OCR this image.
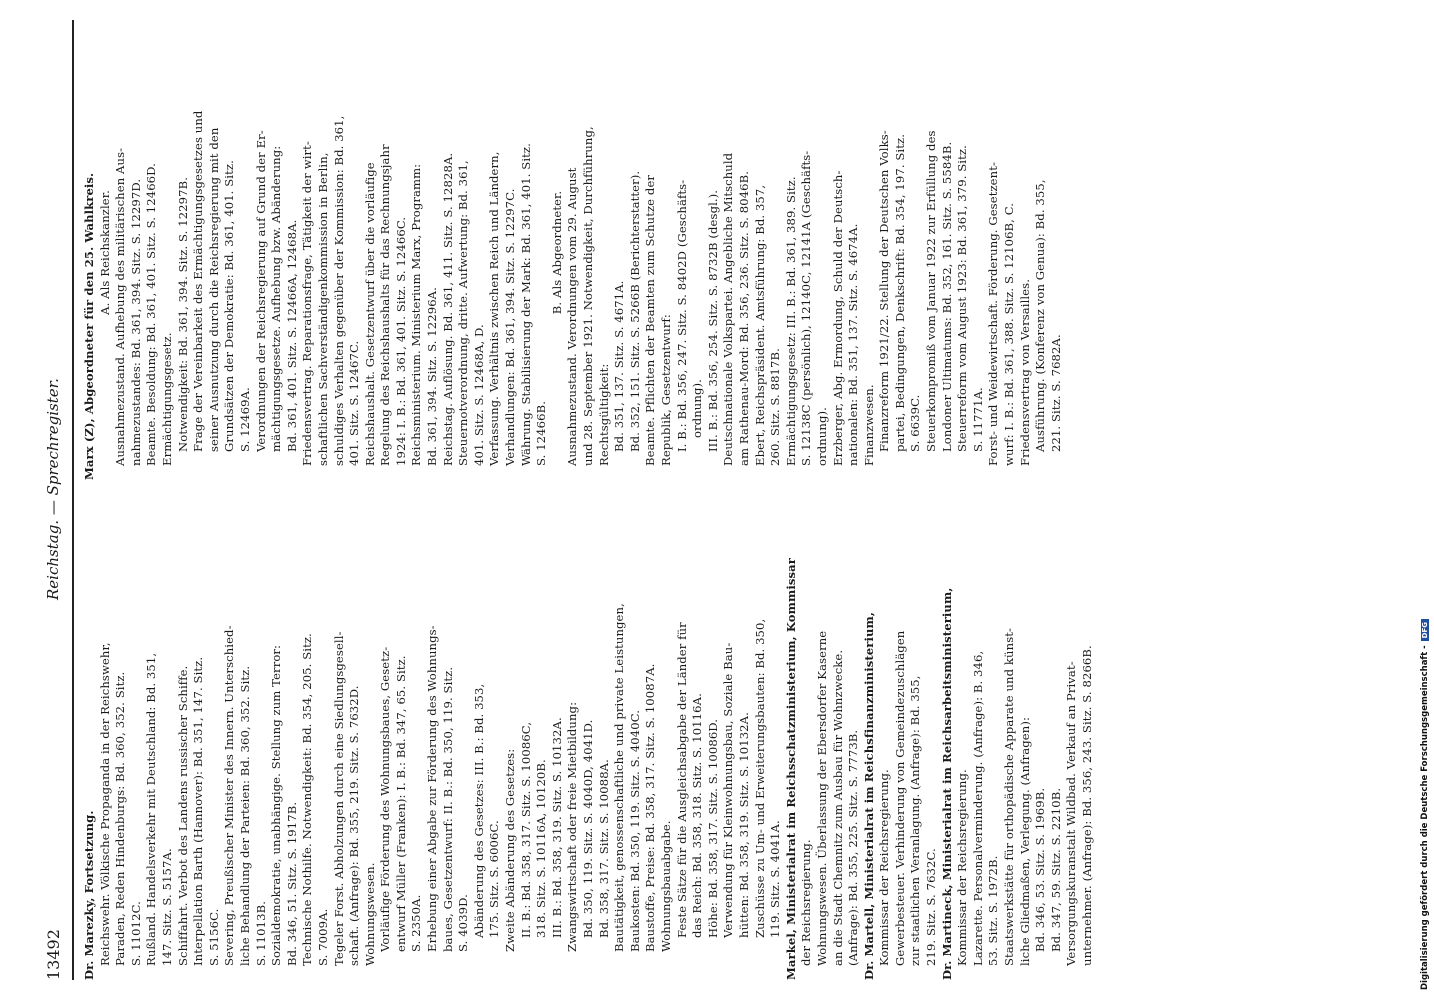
13492
Reichstag. — Sprechregister.
Dr. Marezky, Fortsetzung. Reichswehr. Völkische Propaganda in der Reichswehr, Paraden, Reden Hindenburgs: Bd. 360, 352. Sitz. S. 11012C. Rußland. Handelsverkehr mit Deutschland: Bd. 351, 147. Sitz. S. 5157A. Schiffahrt. Verbot des Landens russischer Schiffe. Interpellation Barth (Hannover): Bd. 351, 147. Sitz. S. 5156C. Severing, Preußischer Minister des Innern. Unterschied- liche Behandlung der Parteien: Bd. 360, 352. Sitz. S. 11013B. Sozialdemokratie, unabhängige. Stellung zum Terror: Bd. 346, 51. Sitz. S. 1917B. Technische Nothilfe. Notwendigkeit: Bd. 354, 205. Sitz. S. 7009A. Tegeler Forst. Abholzungen durch eine Siedlungsgesell- schaft. (Anfrage): Bd. 355, 219. Sitz. S. 7632D. Wohnungswesen. Vorläufige Förderung des Wohnungsbaues, Gesetz- entwurf Müller (Franken): I. B.: Bd. 347, 65. Sitz. S. 2350A. Erhebung einer Abgabe zur Förderung des Wohnungs- baues, Gesetzentwurf: II. B.: Bd. 350, 119. Sitz. S. 4039D. Abänderung des Gesetzes: III. B.: Bd. 353, 175. Sitz. S. 6006C. Zweite Abänderung des Gesetzes: II. B.: Bd. 358, 317. Sitz. S. 10086C, 318. Sitz. S. 10116A, 10120B. III. B.: Bd. 358, 319. Sitz. S. 10132A. Zwangswirtschaft oder freie Mietbildung: Bd. 350, 119. Sitz. S. 4040D, 4041D. Bd. 358, 317. Sitz. S. 10088A. Bautätigkeit, genossenschaftliche und private Leistungen, Baukosten: Bd. 350, 119. Sitz. S. 4040C. Baustoffe, Preise: Bd. 358, 317. Sitz. S. 10087A. Wohnungsbauabgabe. Feste Sätze für die Ausgleichsabgabe der Länder für das Reich: Bd. 358, 318. Sitz. S. 10116A. Höhe: Bd. 358, 317. Sitz. S. 10086D. Verwendung für Kleinwohnungsbau, Soziale Bau- hütten: Bd. 358, 319. Sitz. S. 10132A. Zuschüsse zu Um- und Erweiterungsbauten: Bd. 350, 119. Sitz. S. 4041A. Markel, Ministerialrat im Reichsschatzministerium, Kommissar der Reichsregierung. Wohnungswesen. Überlassung der Ebersdorfer Kaserne an die Stadt Chemnitz zum Ausbau für Wohnzwecke. (Anfrage): Bd. 355, 225. Sitz. S. 7773B. Dr. Martell, Ministerialrat im Reichsfinanzministerium, Kommissar der Reichsregierung. Gewerbesteuer. Verhinderung von Gemeindezuschlägen zur staatlichen Veranlagung. (Anfrage): Bd. 355, 219. Sitz. S. 7632C. Dr. Martineck, Ministerialrat im Reichsarbeitsministerium, Kommissar der Reichsregierung. Lazarette. Personalverminderung. (Anfrage): B. 346, 53. Sitz. S. 1972B. Staatswerkstätte für orthopädische Apparate und künst- liche Gliedmaßen, Verlegung. (Anfragen): Bd. 346, 53. Sitz. S. 1969B. Bd. 347, 59. Sitz. S. 2210B. Versorgungskuranstalt Wildbad. Verkauf an Privat- unternehmer. (Anfrage): Bd. 356, 243. Sitz. S. 8266B.
Marx (Z), Abgeordneter für den 25. Wahlkreis. A. Als Reichskanzler. Ausnahmezustand. Aufhebung des militärischen Aus- nahmezustandes: Bd. 361, 394. Sitz. S. 12297D. Beamte. Besoldung: Bd. 361, 401. Sitz. S. 12466D. Ermächtigungsgesetz. Notwendigkeit: Bd. 361, 394. Sitz. S. 12297B. Frage der Vereinbarkeit des Ermächtigungsgesetzes und seiner Ausnutzung durch die Reichsregierung mit den Grundsätzen der Demokratie: Bd. 361, 401. Sitz. S. 12469A. Verordnungen der Reichsregierung auf Grund der Er- mächtigungsgesetze. Aufhebung bzw. Abänderung: Bd. 361, 401. Sitz. S. 12466A, 12468A. Friedensvertrag. Reparationsfrage, Tätigkeit der wirt- schaftlichen Sachverständigenkommission in Berlin, schuldiges Verhalten gegenüber der Kommission: Bd. 361, 401. Sitz. S. 12467C. Reichshaushalt. Gesetzentwurf über die vorläufige Regelung des Reichshaushalts für das Rechnungsjahr 1924: I. B.: Bd. 361, 401. Sitz. S. 12466C. Reichsministerium. Ministerium Marx, Programm: Bd. 361, 394. Sitz. S. 12296A. Reichstag. Auflösung. Bd. 361, 411. Sitz. S. 12828A. Steuernotverordnung, dritte. Aufwertung: Bd. 361, 401. Sitz. S. 12468A, D. Verfassung. Verhältnis zwischen Reich und Ländern, Verhandlungen: Bd. 361, 394. Sitz. S. 12297C. Währung. Stabilisierung der Mark: Bd. 361, 401. Sitz. S. 12466B.
B. Als Abgeordneter. Ausnahmezustand. Verordnungen vom 29. August und 28. September 1921. Notwendigkeit, Durchführung, Rechtsgültigkeit: Bd. 351, 137. Sitz. S. 4671A. Bd. 352, 151. Sitz. S. 5266B (Berichterstatter). Beamte. Pflichten der Beamten zum Schutze der Republik, Gesetzentwurf: I. B.: Bd. 356, 247. Sitz. S. 8402D (Geschäfts- ordnung). III. B.: Bd. 356, 254. Sitz. S. 8732B (desgl.). Deutschnationale Volkspartei. Angebliche Mitschuld am Rathenau-Mord: Bd. 356, 236. Sitz. S. 8046B. Ebert, Reichspräsident. Amtsführung: Bd. 357, 260. Sitz. S. 8817B. Ermächtigungsgesetz: III. B.: Bd. 361, 389. Sitz. S. 12138C (persönlich), 12140C, 12141A (Geschäfts- ordnung). Erzberger, Abg. Ermordung, Schuld der Deutsch- nationalen: Bd. 351, 137. Sitz. S. 4674A. Finanzwesen. Finanzreform 1921/22. Stellung der Deutschen Volks- partei, Bedingungen, Denkschrift: Bd. 354, 197. Sitz. S. 6639C. Steuerkompromiß vom Januar 1922 zur Erfüllung des Londoner Ultimatums: Bd. 352, 161. Sitz. S. 5584B. Steuerreform vom August 1923: Bd. 361, 379. Sitz. S. 11771A. Forst- und Weidewirtschaft. Förderung. Gesetzent- wurf: I. B.: Bd. 361, 388. Sitz. S. 12106B, C. Friedensvertrag von Versailles. Ausführung. (Konferenz von Genua): Bd. 355, 221. Sitz. S. 7682A.
Digitalisierung gefördert durch die Deutsche Forschungsgemeinschaft -DFG
